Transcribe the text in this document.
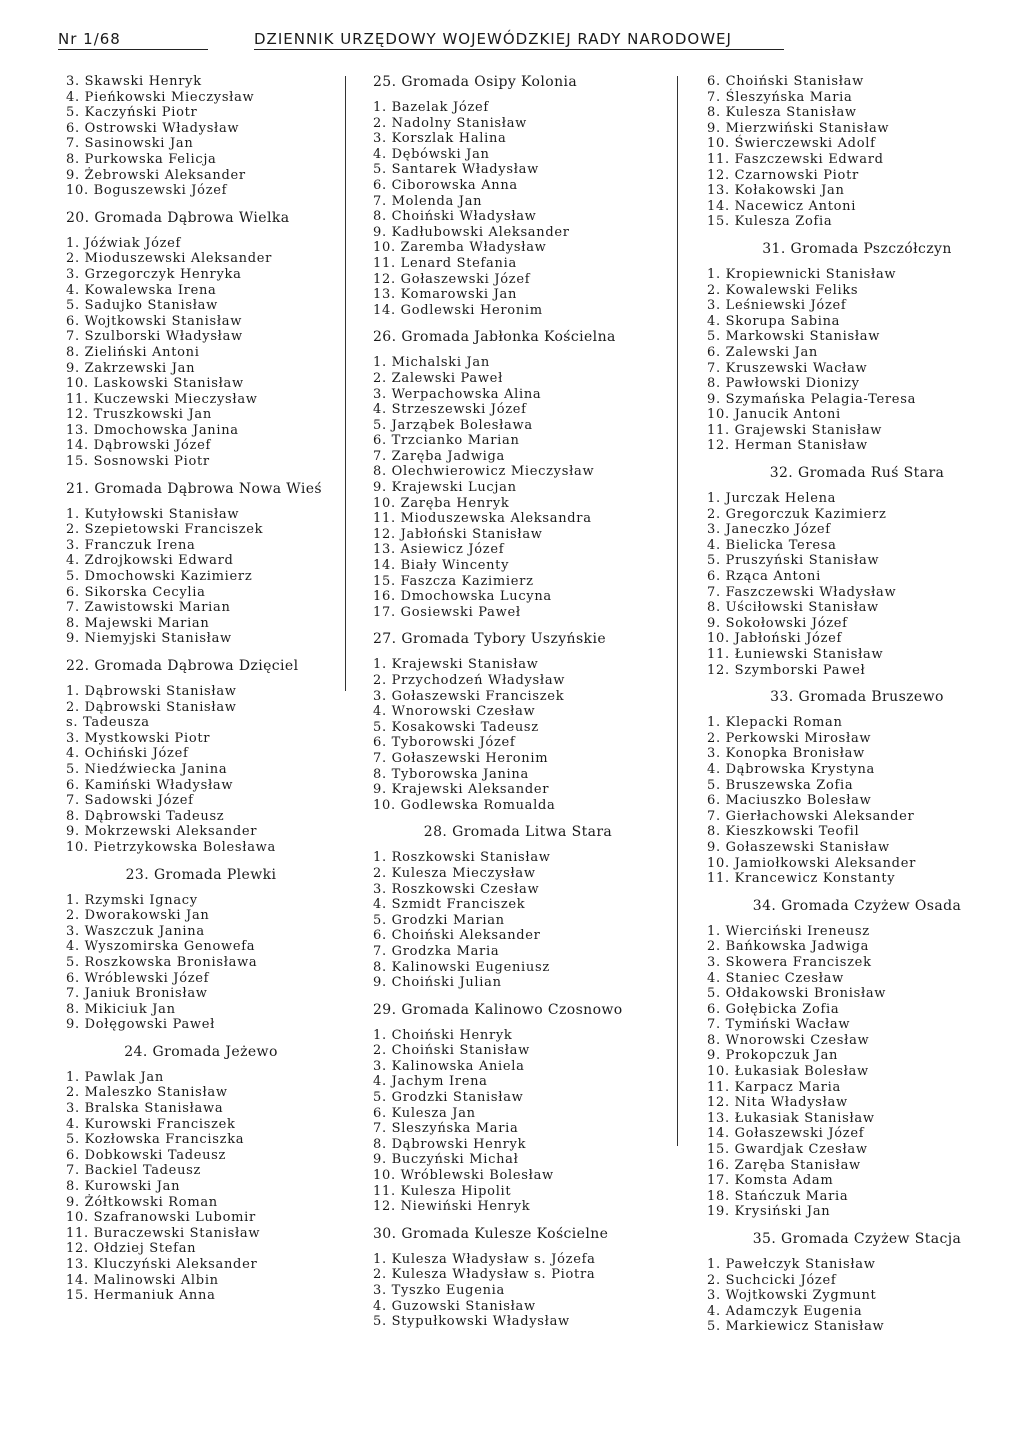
Nr 1/68	DZIENNIK URZĘDOWY WOJEWÓDZKIEJ RADY NARODOWEJ
3. Skawski Henryk
4. Pieńkowski Mieczysław
5. Kaczyński Piotr
6. Ostrowski Władysław
7. Sasinowski Jan
8. Purkowska Felicja
9. Żebrowski Aleksander
10. Boguszewski Józef
20. Gromada Dąbrowa Wielka
1. Jóźwiak Józef
2. Mioduszewski Aleksander
3. Grzegorczyk Henryka
4. Kowalewska Irena
5. Sadujko Stanisław
6. Wojtkowski Stanisław
7. Szulborski Władysław
8. Zieliński Antoni
9. Zakrzewski Jan
10. Laskowski Stanisław
11. Kuczewski Mieczysław
12. Truszkowski Jan
13. Dmochowska Janina
14. Dąbrowski Józef
15. Sosnowski Piotr
21. Gromada Dąbrowa Nowa Wieś
1. Kutyłowski Stanisław
2. Szepietowski Franciszek
3. Franczuk Irena
4. Zdrojkowski Edward
5. Dmochowski Kazimierz
6. Sikorska Cecylia
7. Zawistowski Marian
8. Majewski Marian
9. Niemyjski Stanisław
22. Gromada Dąbrowa Dzięciel
1. Dąbrowski Stanisław
2. Dąbrowski Stanisław
s. Tadeusza
3. Mystkowski Piotr
4. Ochiński Józef
5. Niedźwiecka Janina
6. Kamiński Władysław
7. Sadowski Józef
8. Dąbrowski Tadeusz
9. Mokrzewski Aleksander
10. Pietrzykowska Bolesława
23. Gromada Plewki
1. Rzymski Ignacy
2. Dworakowski Jan
3. Waszczuk Janina
4. Wyszomirska Genowefa
5. Roszkowska Bronisława
6. Wróblewski Józef
7. Janiuk Bronisław
8. Mikiciuk Jan
9. Dołęgowski Paweł
24. Gromada Jeżewo
1. Pawlak Jan
2. Maleszko Stanisław
3. Bralska Stanisława
4. Kurowski Franciszek
5. Kozłowska Franciszka
6. Dobkowski Tadeusz
7. Backiel Tadeusz
8. Kurowski Jan
9. Żółtkowski Roman
10. Szafranowski Lubomir
11. Buraczewski Stanisław
12. Ołdziej Stefan
13. Kluczyński Aleksander
14. Malinowski Albin
15. Hermaniuk Anna
25. Gromada Osipy Kolonia
1. Bazelak Józef
2. Nadolny Stanisław
3. Korszlak Halina
4. Dębówski Jan
5. Santarek Władysław
6. Ciborowska Anna
7. Molenda Jan
8. Choiński Władysław
9. Kadłubowski Aleksander
10. Zaremba Władysław
11. Lenard Stefania
12. Gołaszewski Józef
13. Komarowski Jan
14. Godlewski Heronim
26. Gromada Jabłonka Kościelna
1. Michalski Jan
2. Zalewski Paweł
3. Werpachowska Alina
4. Strzeszewski Józef
5. Jarząbek Bolesława
6. Trzcianko Marian
7. Zaręba Jadwiga
8. Olechwierowicz Mieczysław
9. Krajewski Lucjan
10. Zaręba Henryk
11. Mioduszewska Aleksandra
12. Jabłoński Stanisław
13. Asiewicz Józef
14. Biały Wincenty
15. Faszcza Kazimierz
16. Dmochowska Lucyna
17. Gosiewski Paweł
27. Gromada Tybory Uszyńskie
1. Krajewski Stanisław
2. Przychodzeń Władysław
3. Gołaszewski Franciszek
4. Wnorowski Czesław
5. Kosakowski Tadeusz
6. Tyborowski Józef
7. Gołaszewski Heronim
8. Tyborowska Janina
9. Krajewski Aleksander
10. Godlewska Romualda
28. Gromada Litwa Stara
1. Roszkowski Stanisław
2. Kulesza Mieczysław
3. Roszkowski Czesław
4. Szmidt Franciszek
5. Grodzki Marian
6. Choiński Aleksander
7. Grodzka Maria
8. Kalinowski Eugeniusz
9. Choiński Julian
29. Gromada Kalinowo Czosnowo
1. Choiński Henryk
2. Choiński Stanisław
3. Kalinowska Aniela
4. Jachym Irena
5. Grodzki Stanisław
6. Kulesza Jan
7. Sleszyńska Maria
8. Dąbrowski Henryk
9. Buczyński Michał
10. Wróblewski Bolesław
11. Kulesza Hipolit
12. Niewiński Henryk
30. Gromada Kulesze Kościelne
1. Kulesza Władysław s. Józefa
2. Kulesza Władysław s. Piotra
3. Tyszko Eugenia
4. Guzowski Stanisław
5. Stypułkowski Władysław
6. Choiński Stanisław
7. Śleszyńska Maria
8. Kulesza Stanisław
9. Mierzwiński Stanisław
10. Świerczewski Adolf
11. Faszczewski Edward
12. Czarnowski Piotr
13. Kołakowski Jan
14. Nacewicz Antoni
15. Kulesza Zofia
31. Gromada Pszczółczyn
1. Kropiewnicki Stanisław
2. Kowalewski Feliks
3. Leśniewski Józef
4. Skorupa Sabina
5. Markowski Stanisław
6. Zalewski Jan
7. Kruszewski Wacław
8. Pawłowski Dionizy
9. Szymańska Pelagia-Teresa
10. Janucik Antoni
11. Grajewski Stanisław
12. Herman Stanisław
32. Gromada Ruś Stara
1. Jurczak Helena
2. Gregorczuk Kazimierz
3. Janeczko Józef
4. Bielicka Teresa
5. Pruszyński Stanisław
6. Rząca Antoni
7. Faszczewski Władysław
8. Uściłowski Stanisław
9. Sokołowski Józef
10. Jabłoński Józef
11. Łuniewski Stanisław
12. Szymborski Paweł
33. Gromada Bruszewo
1. Klepacki Roman
2. Perkowski Mirosław
3. Konopka Bronisław
4. Dąbrowska Krystyna
5. Bruszewska Zofia
6. Maciuszko Bolesław
7. Gierłachowski Aleksander
8. Kieszkowski Teofil
9. Gołaszewski Stanisław
10. Jamiołkowski Aleksander
11. Krancewicz Konstanty
34. Gromada Czyżew Osada
1. Wierciński Ireneusz
2. Bańkowska Jadwiga
3. Skowera Franciszek
4. Staniec Czesław
5. Ołdakowski Bronisław
6. Gołębicka Zofia
7. Tymiński Wacław
8. Wnorowski Czesław
9. Prokopczuk Jan
10. Łukasiak Bolesław
11. Karpacz Maria
12. Nita Władysław
13. Łukasiak Stanisław
14. Gołaszewski Józef
15. Gwardjak Czesław
16. Zaręba Stanisław
17. Komsta Adam
18. Stańczuk Maria
19. Krysiński Jan
35. Gromada Czyżew Stacja
1. Pawełczyk Stanisław
2. Suchcicki Józef
3. Wojtkowski Zygmunt
4. Adamczyk Eugenia
5. Markiewicz Stanisław
